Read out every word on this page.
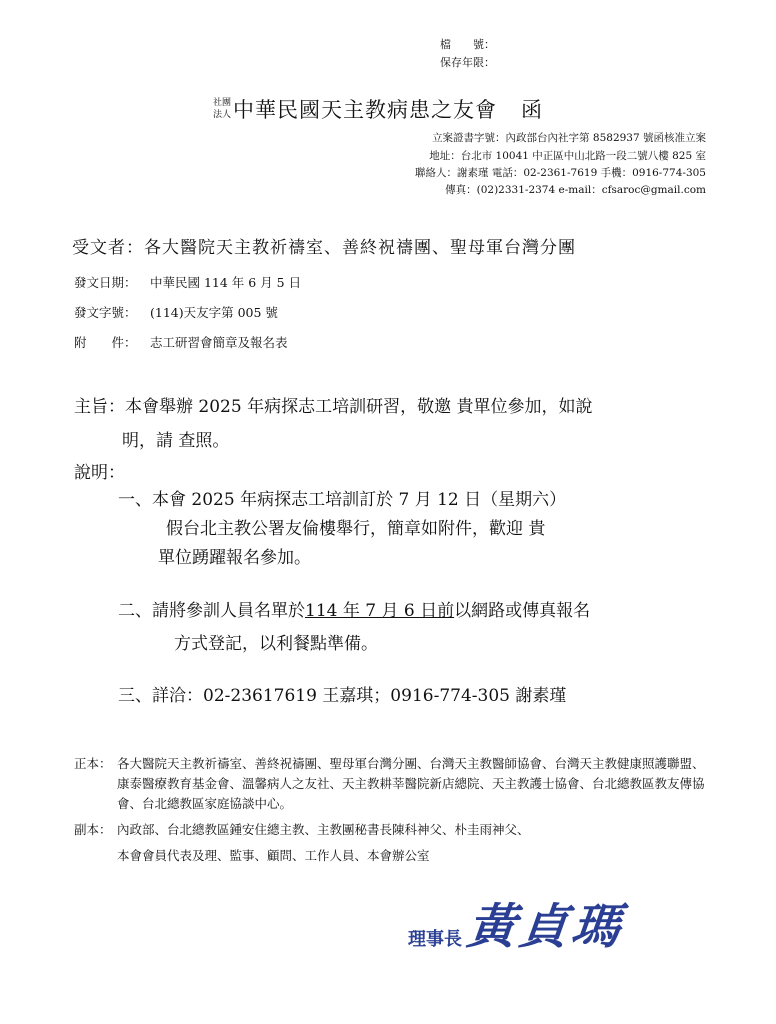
檔　　號：
保存年限：
社團
法人 中華民國天主教病患之友會 函
立案證書字號：內政部台內社字第 8582937 號函核准立案
地址：台北市 10041 中正區中山北路一段二號八樓 825 室
聯絡人：謝素瑾 電話：02-2361-7619 手機：0916-774-305
傳真：(02)2331-2374 e-mail：cfsaroc@gmail.com
受文者：各大醫院天主教祈禱室、善終祝禱團、聖母軍台灣分團
發文日期： 中華民國 114 年 6 月 5 日
發文字號： (114)天友字第 005 號
附　　件： 志工研習會簡章及報名表
主旨：本會舉辦 2025 年病探志工培訓研習，敬邀 貴單位參加，如說
明，請 查照。
說明：
一、本會 2025 年病探志工培訓訂於 7 月 12 日（星期六）
假台北主教公署友倫樓舉行，簡章如附件，歡迎 貴
單位踴躍報名參加。
二、請將參訓人員名單於114 年 7 月 6 日前以網路或傳真報名
方式登記，以利餐點準備。
三、詳洽：02-23617619 王嘉琪；0916-774-305 謝素瑾
正本： 各大醫院天主教祈禱室、善終祝禱團、聖母軍台灣分團、台灣天主教醫師協會、台灣天主教健康照護聯盟、康泰醫療教育基金會、溫馨病人之友社、天主教耕莘醫院新店總院、天主教護士協會、台北總教區教友傳協會、台北總教區家庭協談中心。
副本： 內政部、台北總教區鍾安住總主教、主教團秘書長陳科神父、朴圭雨神父、
本會會員代表及理、監事、顧問、工作人員、本會辦公室
理事長 黃貞瑪
